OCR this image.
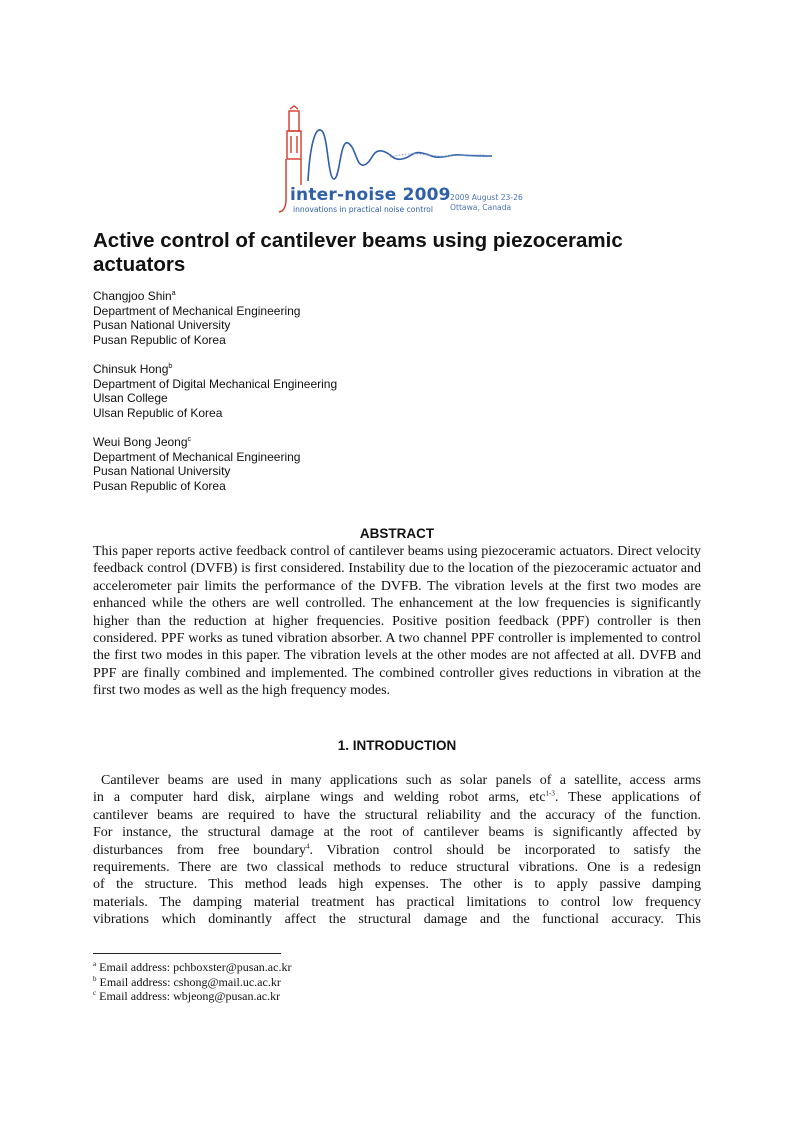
inter-noise 2009
innovations in practical noise control
2009 August 23-26
Ottawa, Canada
Active control of cantilever beams using piezoceramic actuators
Changjoo Shin$^a$
Department of Mechanical Engineering
Pusan National University
Pusan Republic of Korea
Chinsuk Hong$^b$
Department of Digital Mechanical Engineering
Ulsan College
Ulsan Republic of Korea
Weui Bong Jeong$^c$
Department of Mechanical Engineering
Pusan National University
Pusan Republic of Korea
ABSTRACT

This paper reports active feedback control of cantilever beams using piezoceramic actuators. Direct velocity feedback control (DVFB) is first considered. Instability due to the location of the piezoceramic actuator and accelerometer pair limits the performance of the DVFB. The vibration levels at the first two modes are enhanced while the others are well controlled. The enhancement at the low frequencies is significantly higher than the reduction at higher frequencies. Positive position feedback (PPF) controller is then considered. PPF works as tuned vibration absorber. A two channel PPF controller is implemented to control the first two modes in this paper. The vibration levels at the other modes are not affected at all. DVFB and PPF are finally combined and implemented. The combined controller gives reductions in vibration at the first two modes as well as the high frequency modes.

1. INTRODUCTION
Cantilever beams are used in many applications such as solar panels of a satellite, access arms
in a computer hard disk, airplane wings and welding robot arms, etc$^{1-3}$. These applications of
cantilever beams are required to have the structural reliability and the accuracy of the function.
For instance, the structural damage at the root of cantilever beams is significantly affected by
disturbances from free boundary$^4$. Vibration control should be incorporated to satisfy the
requirements. There are two classical methods to reduce structural vibrations. One is a redesign
of the structure. This method leads high expenses. The other is to apply passive damping
materials. The damping material treatment has practical limitations to control low frequency
vibrations which dominantly affect the structural damage and the functional accuracy. This
$^a$ Email address: pchboxster@pusan.ac.kr
$^b$ Email address: cshong@mail.uc.ac.kr
$^c$ Email address: wbjeong@pusan.ac.kr
